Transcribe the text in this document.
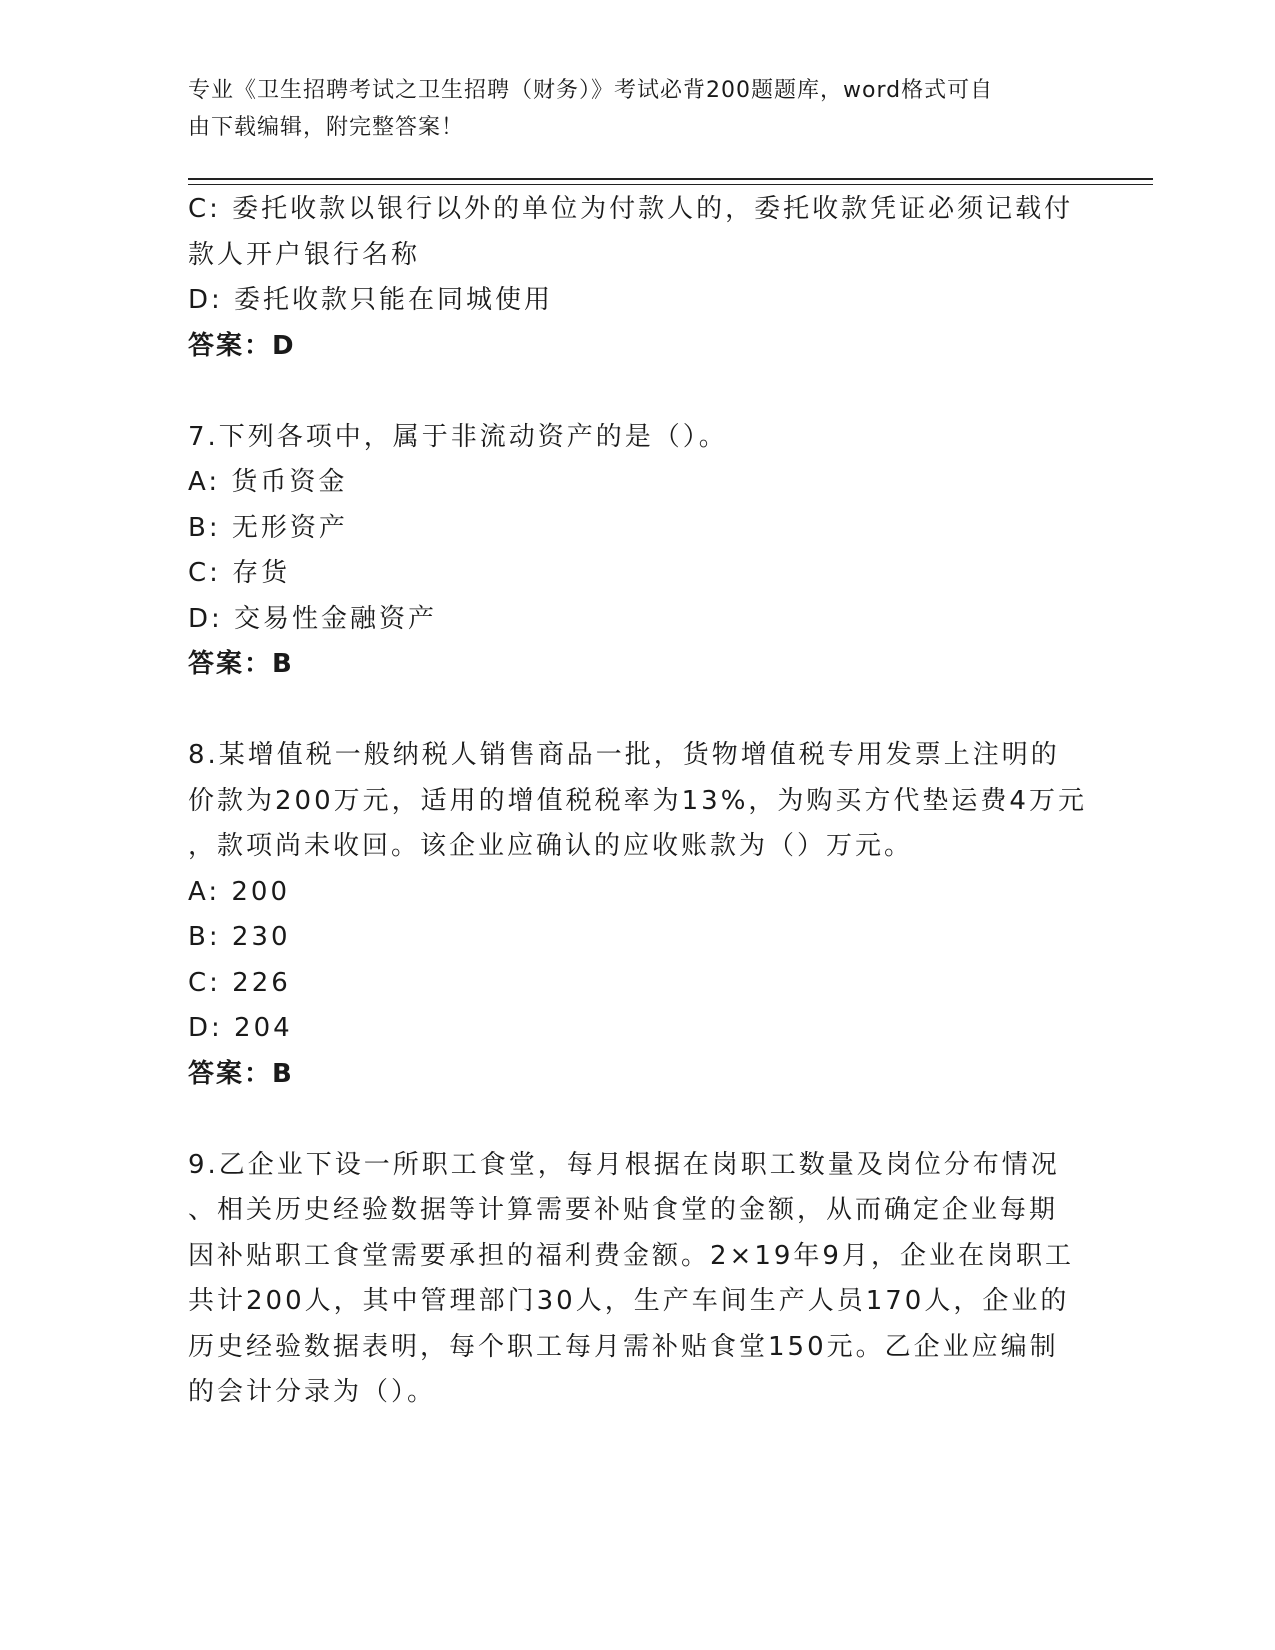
专业《卫生招聘考试之卫生招聘（财务）》考试必背200题题库，word格式可自
由下载编辑，附完整答案！
C: 委托收款以银行以外的单位为付款人的，委托收款凭证必须记载付
款人开户银行名称
D: 委托收款只能在同城使用
答案：D
7.下列各项中，属于非流动资产的是（）。
A: 货币资金
B: 无形资产
C: 存货
D: 交易性金融资产
答案：B
8.某增值税一般纳税人销售商品一批，货物增值税专用发票上注明的
价款为200万元，适用的增值税税率为13%，为购买方代垫运费4万元
，款项尚未收回。该企业应确认的应收账款为（）万元。
A: 200
B: 230
C: 226
D: 204
答案：B
9.乙企业下设一所职工食堂，每月根据在岗职工数量及岗位分布情况
、相关历史经验数据等计算需要补贴食堂的金额，从而确定企业每期
因补贴职工食堂需要承担的福利费金额。2×19年9月，企业在岗职工
共计200人，其中管理部门30人，生产车间生产人员170人，企业的
历史经验数据表明，每个职工每月需补贴食堂150元。乙企业应编制
的会计分录为（）。
